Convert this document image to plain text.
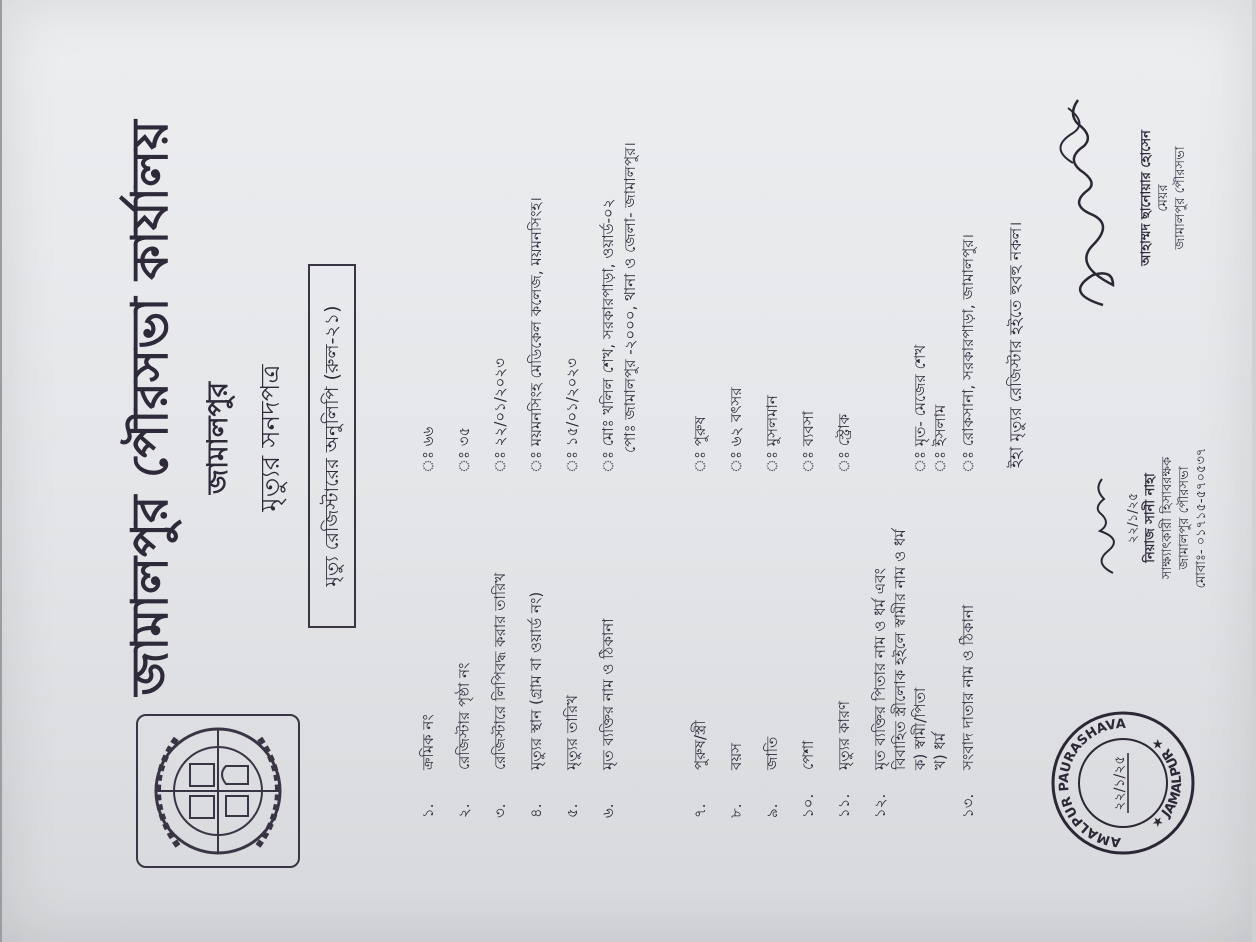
জামালপুর পৌরসভা কার্যালয় জামালপুর মৃত্যুর সনদপত্র	মৃত্যু রেজিস্টারের অনুলিপি (রুল-২১)
১.
ক্রমিক নং
ঃ ৬৬
২.
রেজিস্টার পৃষ্ঠা নং
ঃ ৩৫
৩.
রেজিস্টারে লিপিবদ্ধ করার তারিখ
ঃ ২২/০১/২০২৩
৪.
মৃত্যুর স্থান (গ্রাম বা ওয়ার্ড নং)
ঃ ময়মনসিংহ মেডিকেল কলেজ, ময়মনসিংহ।
৫.
মৃত্যুর তারিখ
ঃ ১৫/০১/২০২৩
৬.
মৃত ব্যক্তির নাম ও ঠিকানা
ঃ মোঃ খলিল শেখ, সরকারপাড়া, ওয়ার্ড-০২ পোঃ জামালপুর -২০০০, থানা ও জেলা- জামালপুর।
৭.
পুরুষ/স্ত্রী
ঃ পুরুষ
৮.
বয়স
ঃ ৬২ বৎসর
৯.
জাতি
ঃ মুসলমান
১০.
পেশা
ঃ ব্যবসা
১১.
মৃত্যুর কারণ
ঃ স্ট্রোক
১২.
মৃত ব্যক্তির পিতার নাম ও ধর্ম এবং বিবাহিত স্ত্রীলোক হইলে স্বামীর নাম ও ধর্ম ক) স্বামী/পিতা খ) ধর্ম
ঃ মৃত- মেজের শেখ ঃ ইসলাম
১৩.
সংবাদ দাতার নাম ও ঠিকানা
ঃ রোকসানা, সরকারপাড়া, জামালপুর। ইহা মৃত্যুর রেজিস্টার হইতে হুবহু নকল।
AMALPUR PAURASHAVA
★ JAMALPUR ★
২২/১/২৫
২২/১/২৫ নিয়াজ সানী নাহা সাক্ষ্যাৎকারী হিসাবরক্ষক জামালপুর পৌরসভা মোবাঃ- ০১৭১৫-৫৭০৫৩৭
আহাম্মদ ছানোয়ার হোসেন মেয়র জামালপুর পৌরসভা
